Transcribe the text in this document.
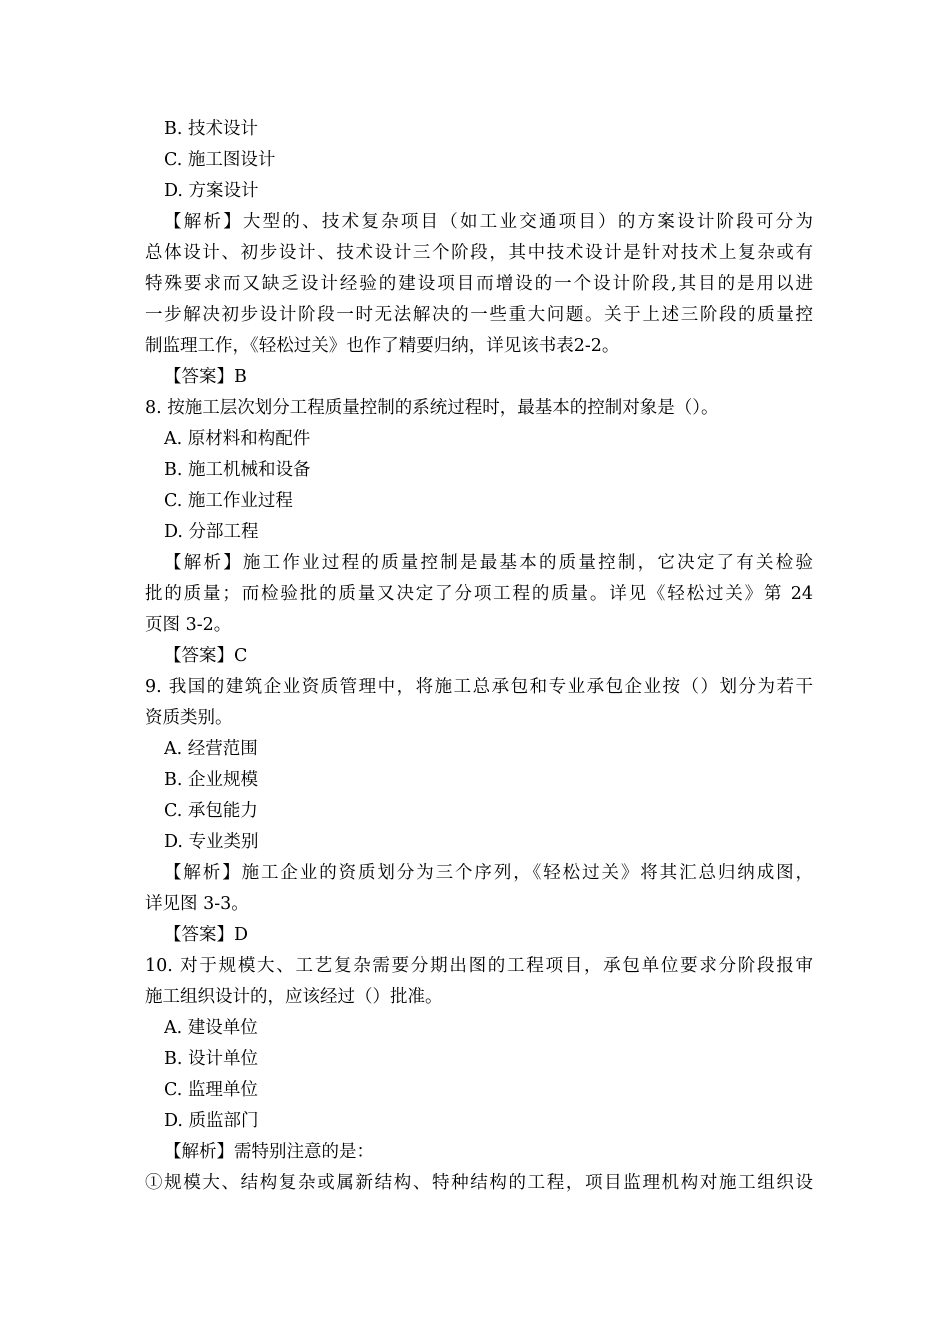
B. 技术设计
C. 施工图设计
D. 方案设计
【解析】大型的、技术复杂项目（如工业交通项目）的方案设计阶段可分为
总体设计、初步设计、技术设计三个阶段，其中技术设计是针对技术上复杂或有
特殊要求而又缺乏设计经验的建设项目而增设的一个设计阶段,其目的是用以进
一步解决初步设计阶段一时无法解决的一些重大问题。关于上述三阶段的质量控
制监理工作，《轻松过关》也作了精要归纳，详见该书表2-2。
【答案】B
8. 按施工层次划分工程质量控制的系统过程时，最基本的控制对象是（）。
A. 原材料和构配件
B. 施工机械和设备
C. 施工作业过程
D. 分部工程
【解析】施工作业过程的质量控制是最基本的质量控制，它决定了有关检验
批的质量；而检验批的质量又决定了分项工程的质量。详见《轻松过关》第 24
页图 3-2。
【答案】C
9. 我国的建筑企业资质管理中，将施工总承包和专业承包企业按（）划分为若干
资质类别。
A. 经营范围
B. 企业规模
C. 承包能力
D. 专业类别
【解析】施工企业的资质划分为三个序列，《轻松过关》将其汇总归纳成图，
详见图 3-3。
【答案】D
10. 对于规模大、工艺复杂需要分期出图的工程项目，承包单位要求分阶段报审
施工组织设计的，应该经过（）批准。
A. 建设单位
B. 设计单位
C. 监理单位
D. 质监部门
【解析】需特别注意的是：
①规模大、结构复杂或属新结构、特种结构的工程，项目监理机构对施工组织设
